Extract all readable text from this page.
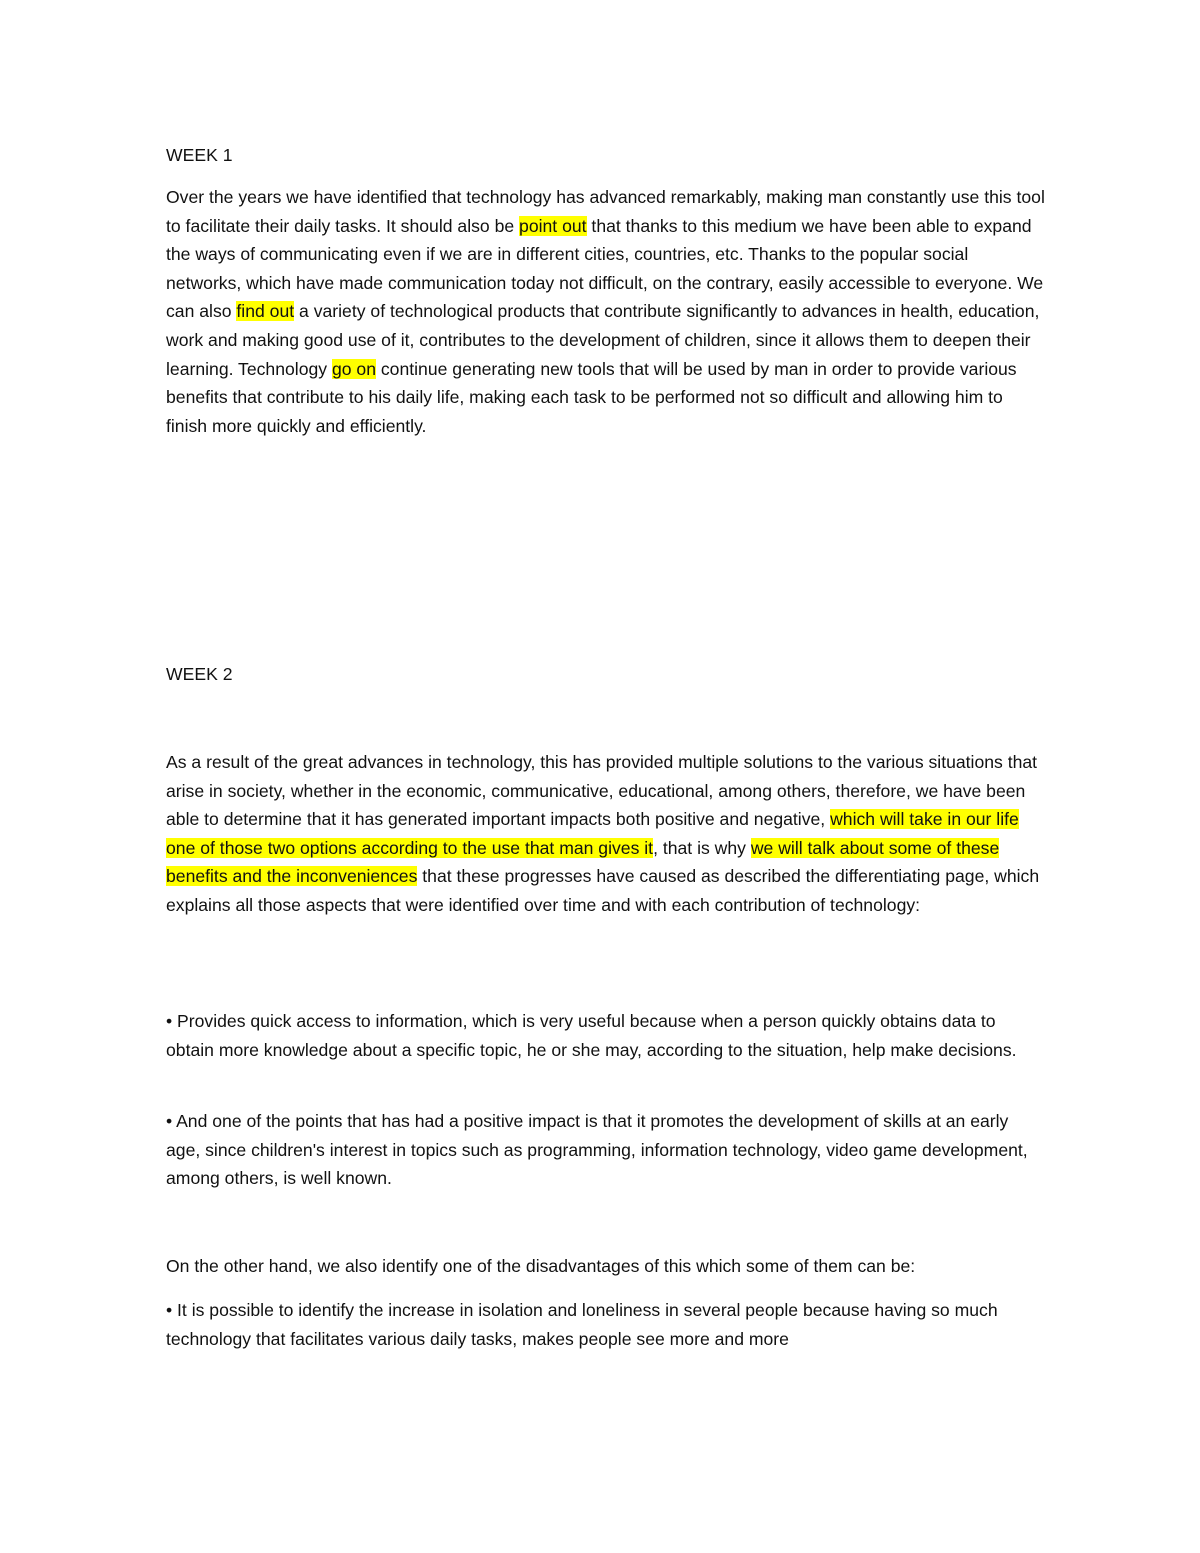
WEEK 1

Over the years we have identified that technology has advanced remarkably, making man constantly use this tool to facilitate their daily tasks. It should also be point out that thanks to this medium we have been able to expand the ways of communicating even if we are in different cities, countries, etc. Thanks to the popular social networks, which have made communication today not difficult, on the contrary, easily accessible to everyone. We can also find out a variety of technological products that contribute significantly to advances in health, education, work and making good use of it, contributes to the development of children, since it allows them to deepen their learning. Technology go on continue generating new tools that will be used by man in order to provide various benefits that contribute to his daily life, making each task to be performed not so difficult and allowing him to finish more quickly and efficiently.

WEEK 2

As a result of the great advances in technology, this has provided multiple solutions to the various situations that arise in society, whether in the economic, communicative, educational, among others, therefore, we have been able to determine that it has generated important impacts both positive and negative, which will take in our life one of those two options according to the use that man gives it, that is why we will talk about some of these benefits and the inconveniences that these progresses have caused as described the differentiating page, which explains all those aspects that were identified over time and with each contribution of technology:

• Provides quick access to information, which is very useful because when a person quickly obtains data to obtain more knowledge about a specific topic, he or she may, according to the situation, help make decisions.

• And one of the points that has had a positive impact is that it promotes the development of skills at an early age, since children's interest in topics such as programming, information technology, video game development, among others, is well known.

On the other hand, we also identify one of the disadvantages of this which some of them can be:

• It is possible to identify the increase in isolation and loneliness in several people because having so much technology that facilitates various daily tasks, makes people see more and more
